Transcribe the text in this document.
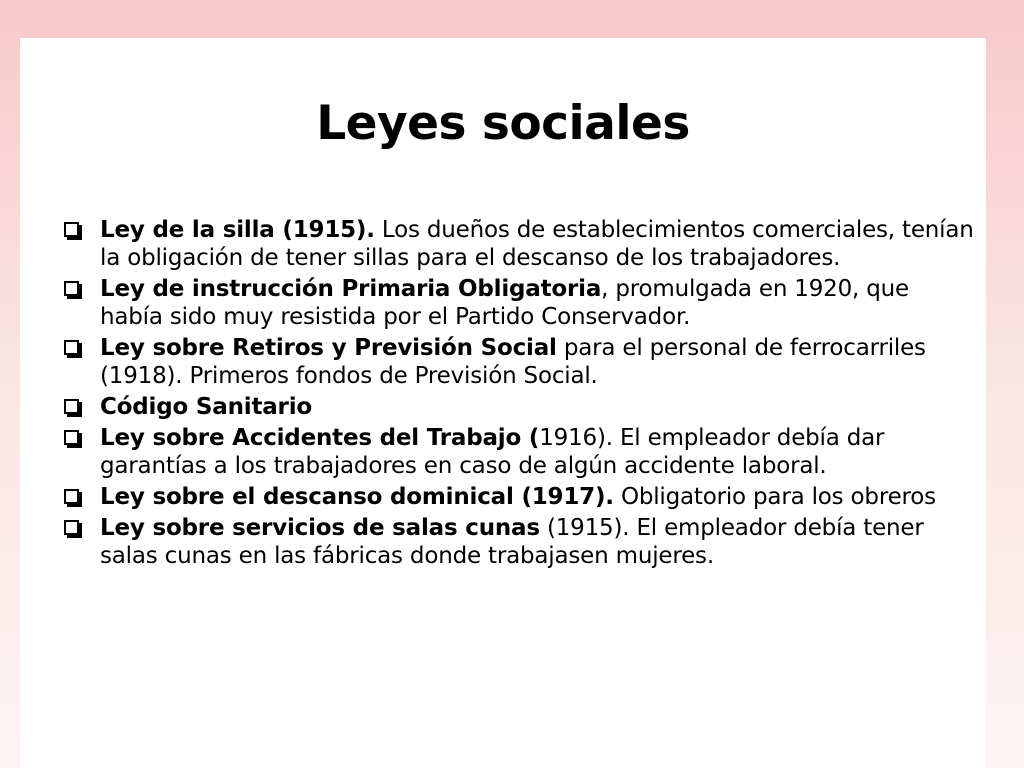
Leyes sociales
Ley de la silla (1915). Los dueños de establecimientos comerciales, tenían la obligación de tener sillas para el descanso de los trabajadores.
Ley de instrucción Primaria Obligatoria, promulgada en 1920, que había sido muy resistida por el Partido Conservador.
Ley sobre Retiros y Previsión Social para el personal de ferrocarriles (1918). Primeros fondos de Previsión Social.
Código Sanitario
Ley sobre Accidentes del Trabajo (1916). El empleador debía dar garantías a los trabajadores en caso de algún accidente laboral.
Ley sobre el descanso dominical (1917). Obligatorio para los obreros
Ley sobre servicios de salas cunas (1915). El empleador debía tener salas cunas en las fábricas donde trabajasen mujeres.
